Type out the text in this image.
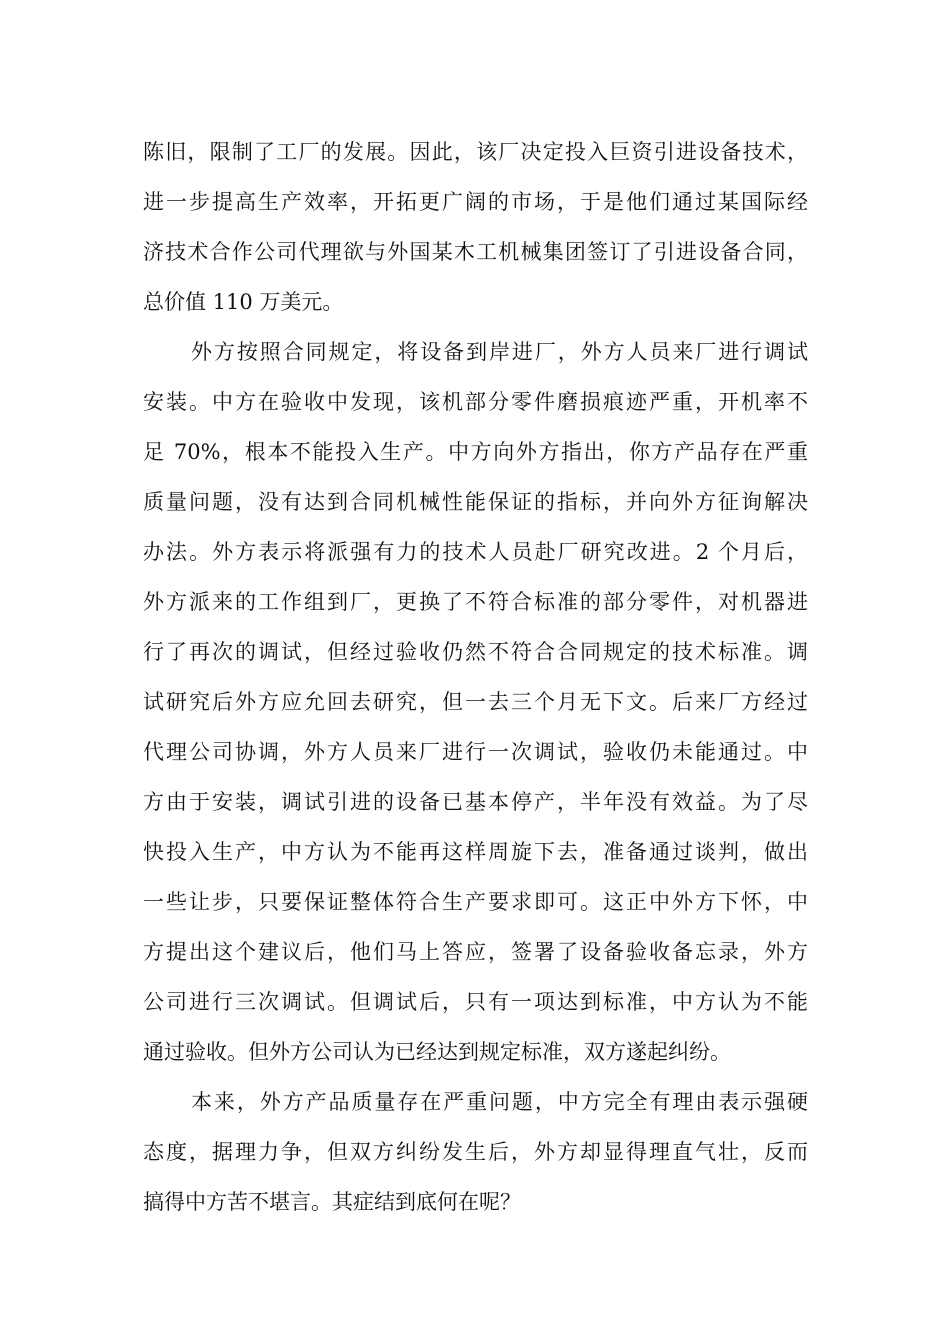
陈旧，限制了工厂的发展。因此，该厂决定投入巨资引进设备技术，
进一步提高生产效率，开拓更广阔的市场，于是他们通过某国际经
济技术合作公司代理欲与外国某木工机械集团签订了引进设备合同，
总价值 110 万美元。
外方按照合同规定，将设备到岸进厂，外方人员来厂进行调试
安装。中方在验收中发现，该机部分零件磨损痕迹严重，开机率不
足 70%，根本不能投入生产。中方向外方指出，你方产品存在严重
质量问题，没有达到合同机械性能保证的指标，并向外方征询解决
办法。外方表示将派强有力的技术人员赴厂研究改进。2 个月后，
外方派来的工作组到厂，更换了不符合标准的部分零件，对机器进
行了再次的调试，但经过验收仍然不符合合同规定的技术标准。调
试研究后外方应允回去研究，但一去三个月无下文。后来厂方经过
代理公司协调，外方人员来厂进行一次调试，验收仍未能通过。中
方由于安装，调试引进的设备已基本停产，半年没有效益。为了尽
快投入生产，中方认为不能再这样周旋下去，准备通过谈判，做出
一些让步，只要保证整体符合生产要求即可。这正中外方下怀，中
方提出这个建议后，他们马上答应，签署了设备验收备忘录，外方
公司进行三次调试。但调试后，只有一项达到标准，中方认为不能
通过验收。但外方公司认为已经达到规定标准，双方遂起纠纷。
本来，外方产品质量存在严重问题，中方完全有理由表示强硬
态度，据理力争，但双方纠纷发生后，外方却显得理直气壮，反而
搞得中方苦不堪言。其症结到底何在呢？
